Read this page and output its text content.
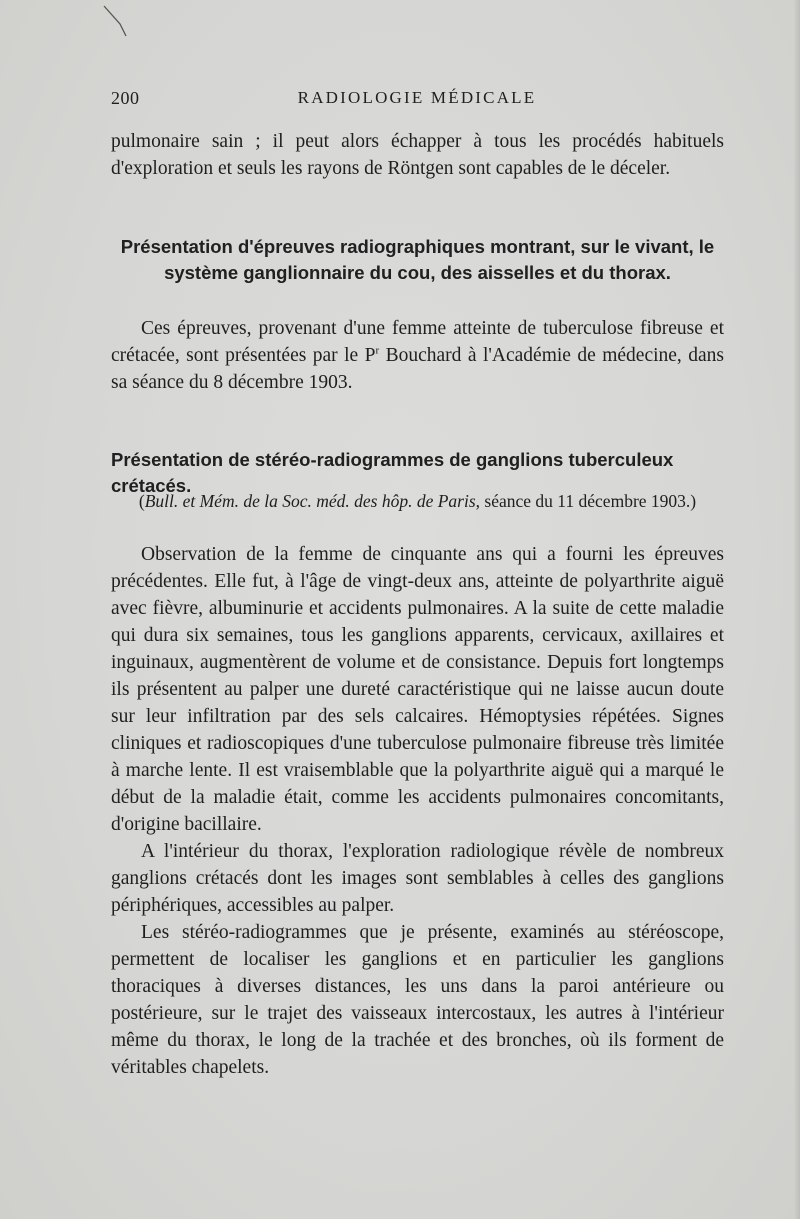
200	RADIOLOGIE MÉDICALE

pulmonaire sain ; il peut alors échapper à tous les procédés habituels d'exploration et seuls les rayons de Röntgen sont capables de le déceler.

Présentation d'épreuves radiographiques montrant, sur le vivant, le système ganglionnaire du cou, des aisselles et du thorax.

Ces épreuves, provenant d'une femme atteinte de tuberculose fibreuse et crétacée, sont présentées par le $P^r$ Bouchard à l'Académie de médecine, dans sa séance du 8 décembre 1903.

Présentation de stéréo-radiogrammes de ganglions tuberculeux crétacés.
(Bull. et Mém. de la Soc. méd. des hôp. de Paris, séance du 11 décembre 1903.)

Observation de la femme de cinquante ans qui a fourni les épreuves précédentes. Elle fut, à l'âge de vingt-deux ans, atteinte de polyarthrite aiguë avec fièvre, albuminurie et accidents pulmonaires. A la suite de cette maladie qui dura six semaines, tous les ganglions apparents, cervicaux, axillaires et inguinaux, augmentèrent de volume et de consistance. Depuis fort longtemps ils présentent au palper une dureté caractéristique qui ne laisse aucun doute sur leur infiltration par des sels calcaires. Hémoptysies répétées. Signes cliniques et radioscopiques d'une tuberculose pulmonaire fibreuse très limitée à marche lente. Il est vraisemblable que la polyarthrite aiguë qui a marqué le début de la maladie était, comme les accidents pulmonaires concomitants, d'origine bacillaire.

A l'intérieur du thorax, l'exploration radiologique révèle de nombreux ganglions crétacés dont les images sont semblables à celles des ganglions périphériques, accessibles au palper.

Les stéréo-radiogrammes que je présente, examinés au stéréoscope, permettent de localiser les ganglions et en particulier les ganglions thoraciques à diverses distances, les uns dans la paroi antérieure ou postérieure, sur le trajet des vaisseaux intercostaux, les autres à l'intérieur même du thorax, le long de la trachée et des bronches, où ils forment de véritables chapelets.
